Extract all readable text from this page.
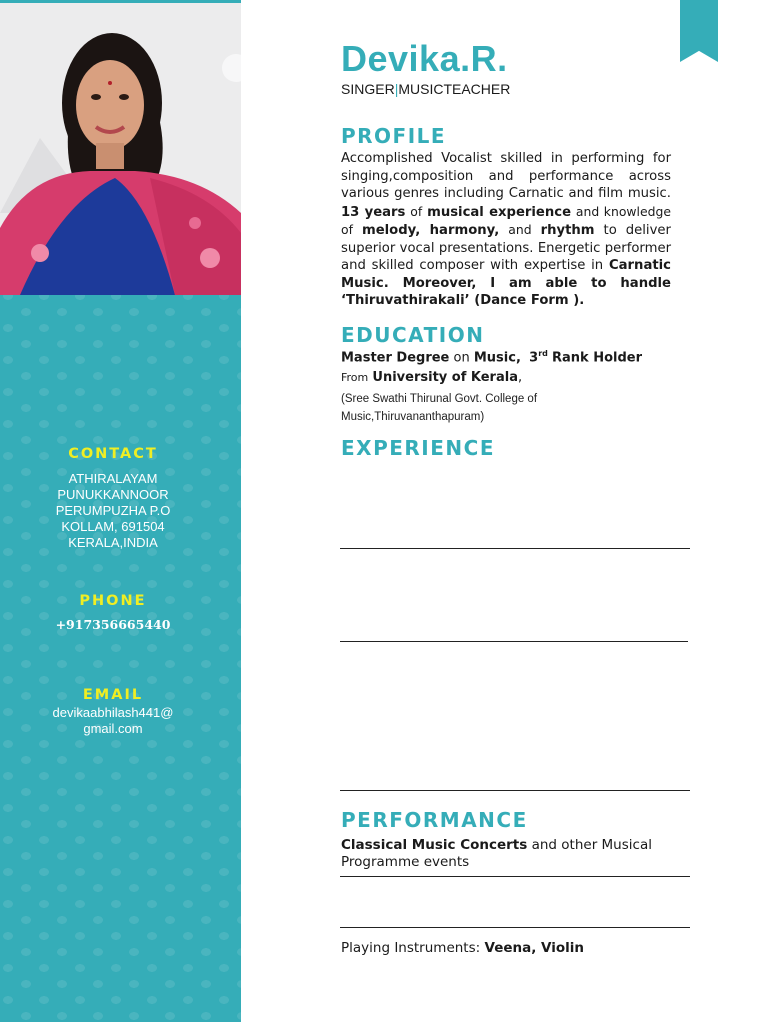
CONTACT
ATHIRALAYAM
PUNUKKANNOOR
PERUMPUZHA P.O
KOLLAM, 691504
KERALA,INDIA
PHONE
+917356665440
EMAIL
devikaabhilash441@
gmail.com
Devika.R.
SINGER|MUSICTEACHER
PROFILE
Accomplished Vocalist skilled in performing for singing,composition and performance across various genres including Carnatic and film music. 13 years of musical experience and knowledge of melody, harmony, and rhythm to deliver superior vocal presentations. Energetic performer and skilled composer with expertise in Carnatic Music. Moreover, I am able to handle ‘Thiruvathirakali’ (Dance Form ).
EDUCATION
Master Degree on Music, 3rd Rank Holder
From University of Kerala,
(Sree Swathi Thirunal Govt. College of Music,Thiruvananthapuram)
EXPERIENCE
PERFORMANCE
Classical Music Concerts and other Musical Programme events
Playing Instruments: Veena, Violin
